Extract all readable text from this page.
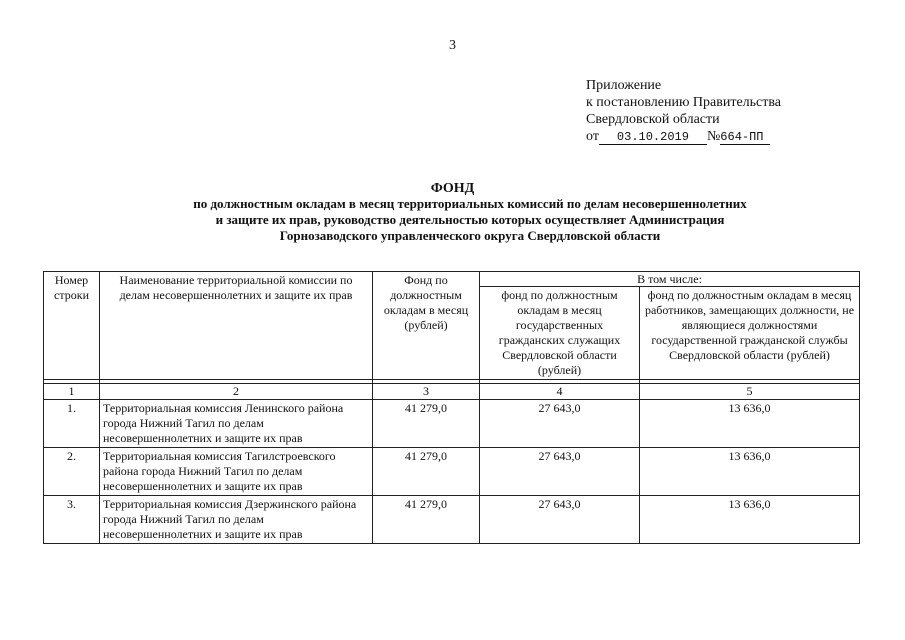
3
Приложение
к постановлению Правительства
Свердловской области
от 03.10.2019 №664-ПП
ФОНД
по должностным окладам в месяц территориальных комиссий по делам несовершеннолетних
и защите их прав, руководство деятельностью которых осуществляет Администрация
Горнозаводского управленческого округа Свердловской области
Номер строки	Наименование территориальной комиссии по делам несовершеннолетних и защите их прав	Фонд по должностным окладам в месяц (рублей)	В том числе:	
			фонд по должностным окладам в месяц государственных гражданских служащих Свердловской области (рублей)	фонд по должностным окладам в месяц работников, замещающих должности, не являющиеся должностями государственной гражданской службы Свердловской области (рублей)

1	2	3	4	5
1.	Территориальная комиссия Ленинского района города Нижний Тагил по делам несовершеннолетних и защите их прав	41 279,0	27 643,0	13 636,0
2.	Территориальная комиссия Тагилстроевского района города Нижний Тагил по делам несовершеннолетних и защите их прав	41 279,0	27 643,0	13 636,0
3.	Территориальная комиссия Дзержинского района города Нижний Тагил по делам несовершеннолетних и защите их прав	41 279,0	27 643,0	13 636,0
